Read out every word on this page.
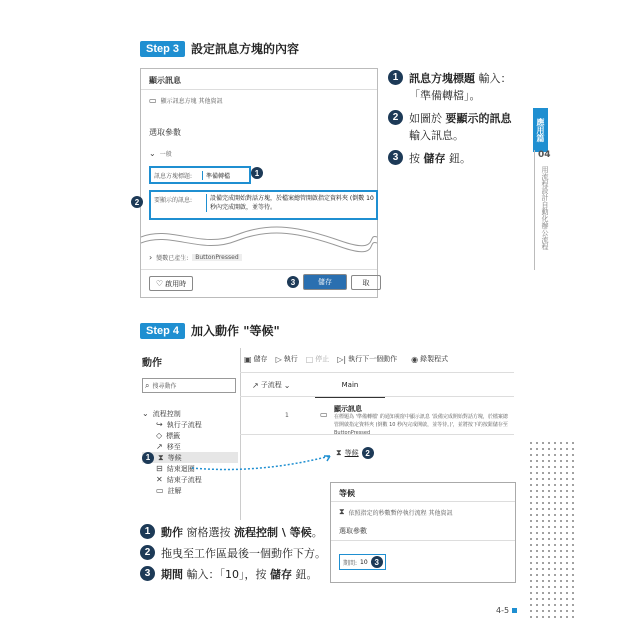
Step 3	設定訊息方塊的內容
顯示訊息
▭ 顯示訊息方塊 其他資訊
選取參數
⌄ 一般
訊息方塊標題:	準備轉檔	1
要顯示的訊息:	設備完成開始對話方塊，於檔案總管開啟指定資料夾 (倒數 10 秒內完成開啟，並等待。
› 變數已產生:	ButtonPressed
♡ 啟用時	3	儲存	取
2
1 訊息方塊標題 輸入：「準備轉檔」。
2 如圖於 要顯示的訊息 輸入訊息。
3 按 儲存 鈕。
應用篇
04
用流程設計自動化辦公流程
Step 4	加入動作 "等候"
動作
⌕ 搜尋動作
⌄ 流程控制
↪ 執行子流程
◇ 標籤
↗ 移至
1 ⧗ 等候
⊟ 結束迴圈
✕ 結束子流程
▭ 註解
▣ 儲存 ▷ 執行 □ 停止 ▷| 執行下一個動作 ◉ 錄製程式
↗ 子流程 ⌄	Main
1	▭
顯示訊息
在標題為 '準備轉檔' 的通知視窗中顯示訊息 '設備完成開始對話方塊，於檔案總管開啟指定資料夾 (倒數 10 秒內完成開啟，並等待。)'，並將按下的按鈕儲存至 ButtonPressed
⧗ 等候 2
等候
⧗ 依照指定的秒數暫停執行流程 其他資訊
選取參數
期間: 10 3
1 動作 窗格選按 流程控制 \ 等候。
2 拖曳至工作區最後一個動作下方。
3 期間 輸入：「10」，按 儲存 鈕。
4-5
